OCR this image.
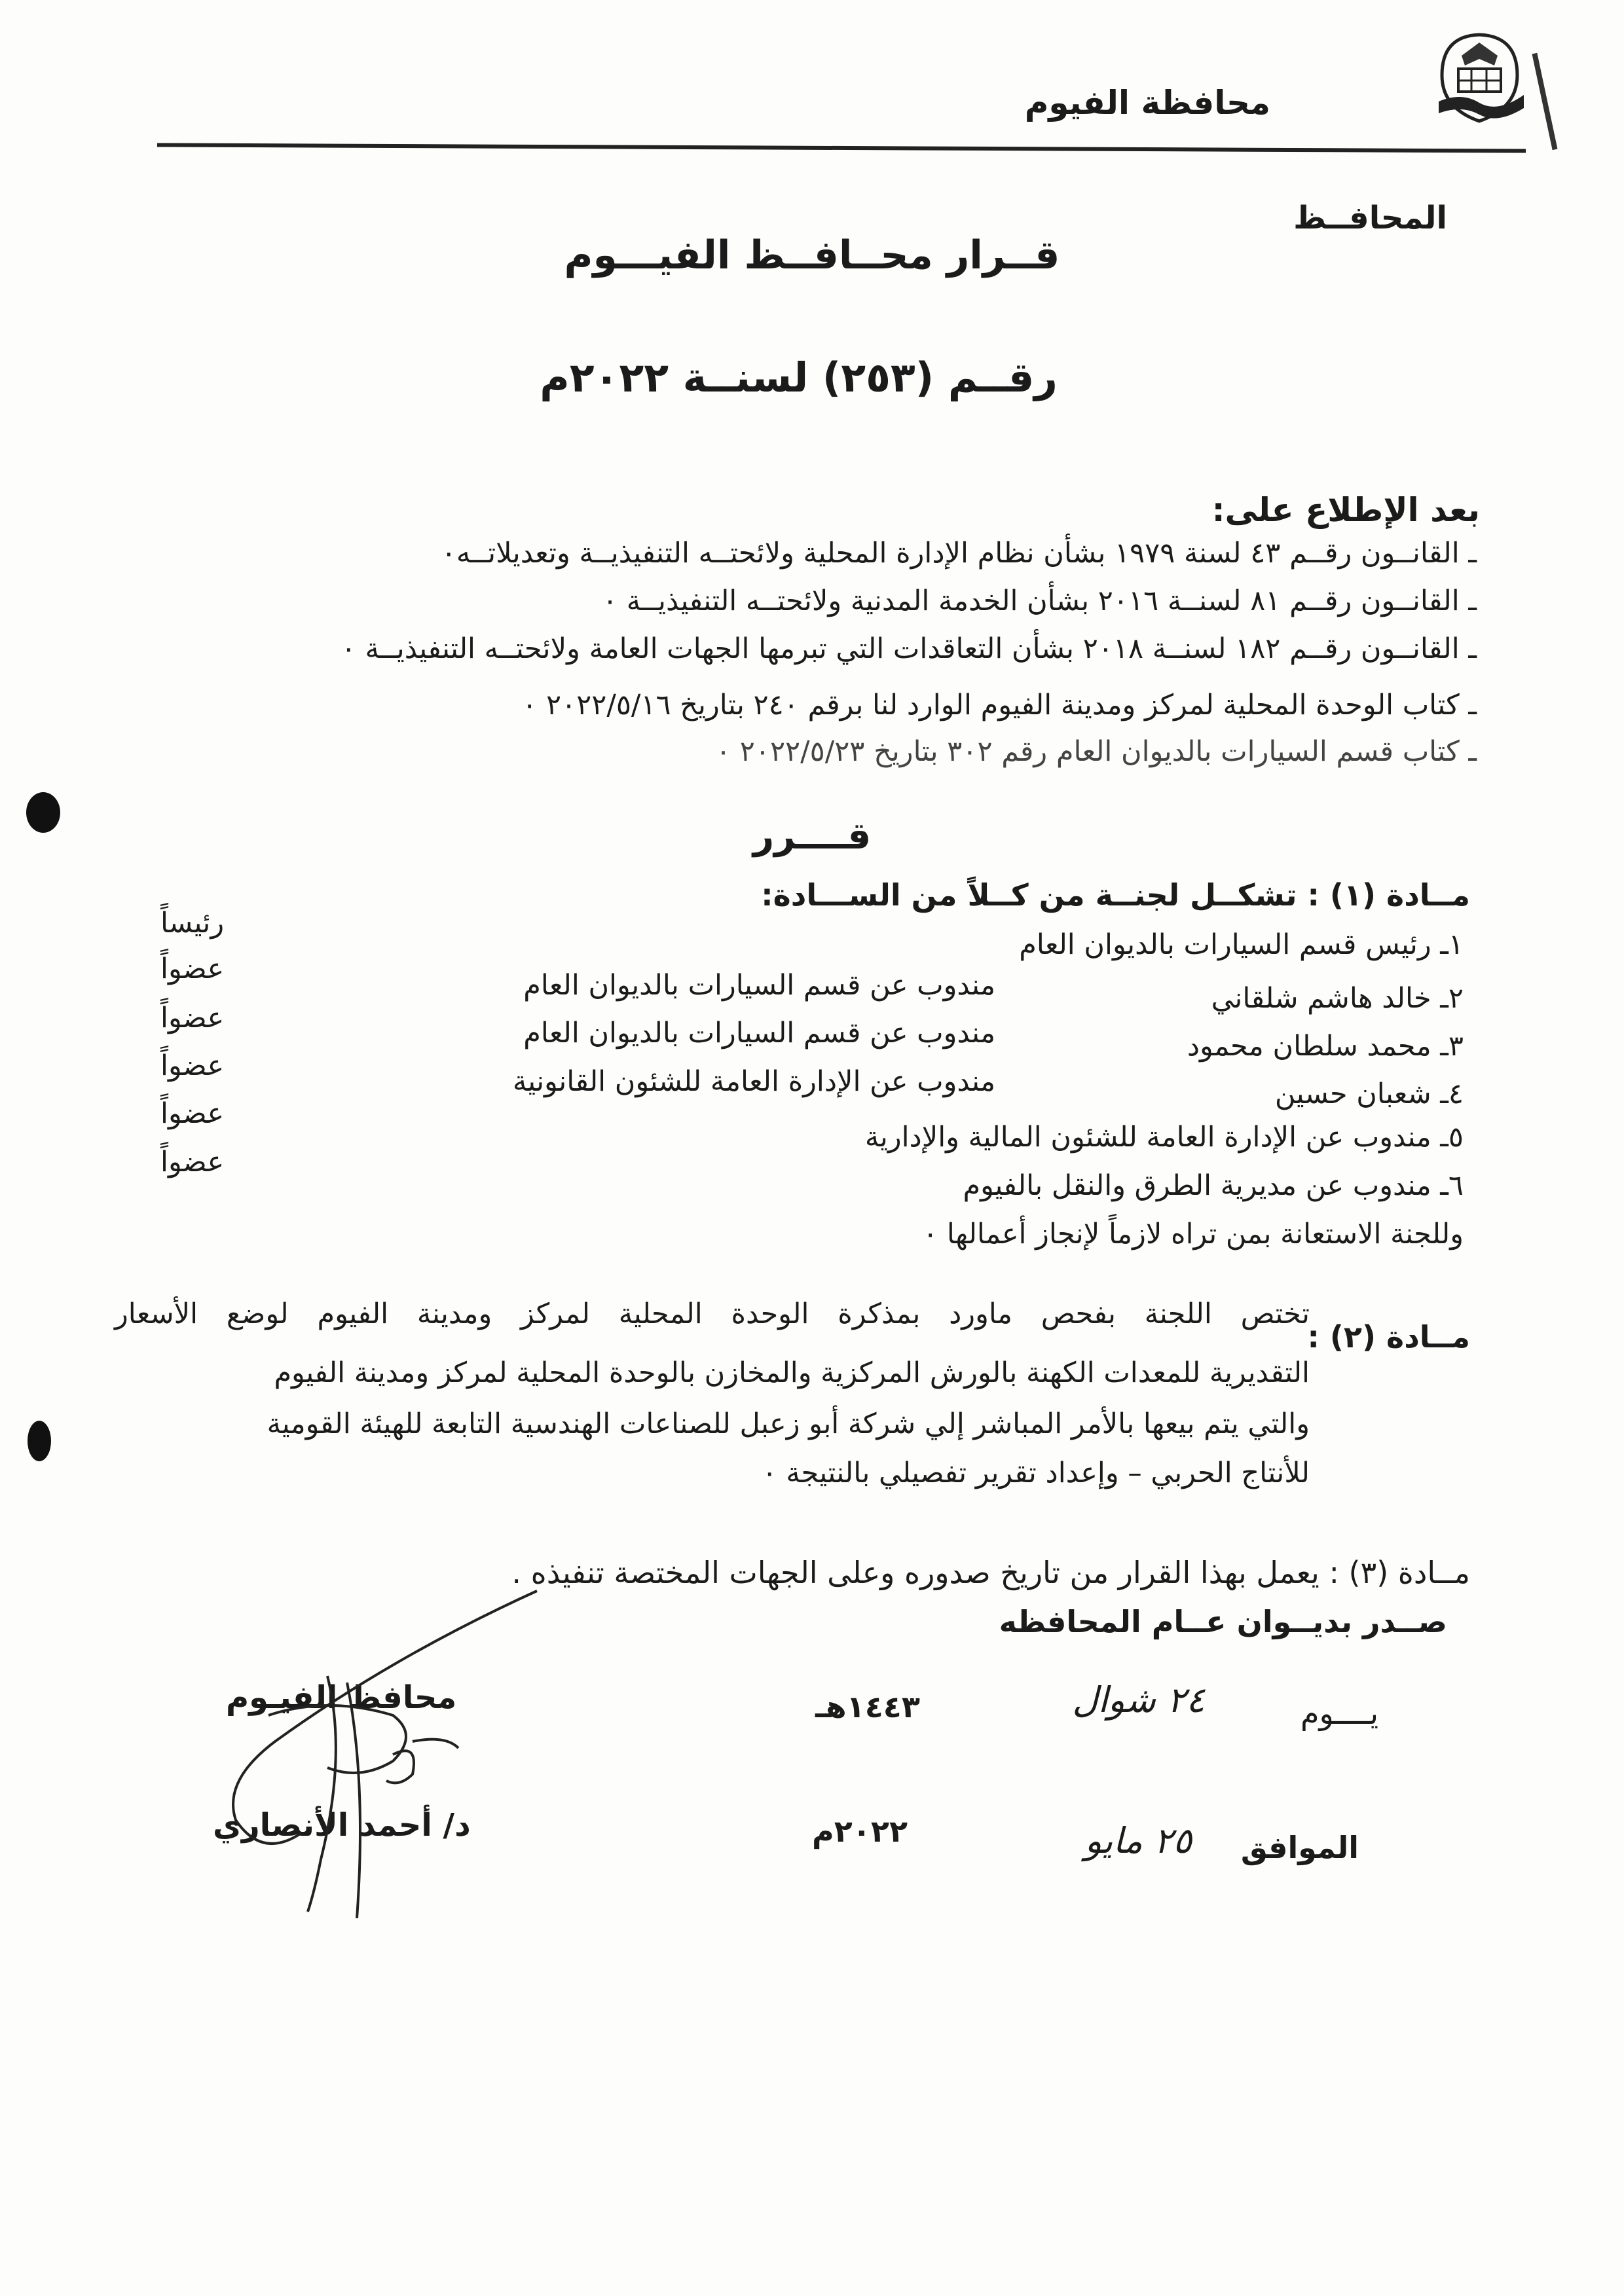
محافظة الفيوم
المحافــظ
قــرار محــافــظ الفيـــوم
رقــم (٢٥٣) لسنــة ٢٠٢٢م
بعد الإطلاع على:
ـ القانــون رقــم ٤٣ لسنة ١٩٧٩ بشأن نظام الإدارة المحلية ولائحتــه التنفيذيــة وتعديلاتــه٠
ـ القانــون رقــم ٨١ لسنــة ٢٠١٦ بشأن الخدمة المدنية ولائحتــه التنفيذيــة ٠
ـ القانــون رقــم ١٨٢ لسنــة ٢٠١٨ بشأن التعاقدات التي تبرمها الجهات العامة ولائحتــه التنفيذيــة ٠
ـ كتاب الوحدة المحلية لمركز ومدينة الفيوم الوارد لنا برقم ٢٤٠ بتاريخ ٢٠٢٢/٥/١٦ ٠
ـ كتاب قسم السيارات بالديوان العام رقم ٣٠٢ بتاريخ ٢٠٢٢/٥/٢٣ ٠
قــــرر
مــادة (١) : تشكــل لجنــة من كــلاً من الســـادة:
١ـ رئيس قسم السيارات بالديوان العام
٢ـ خالد هاشم شلقاني
٣ـ محمد سلطان محمود
٤ـ شعبان حسين
٥ـ مندوب عن الإدارة العامة للشئون المالية والإدارية
٦ـ مندوب عن مديرية الطرق والنقل بالفيوم
مندوب عن قسم السيارات بالديوان العام
مندوب عن قسم السيارات بالديوان العام
مندوب عن الإدارة العامة للشئون القانونية
رئيساً
عضواً
عضواً
عضواً
عضواً
عضواً
وللجنة الاستعانة بمن تراه لازماً لإنجاز أعمالها ٠
مــادة (٢) :
تختص اللجنة بفحص ماورد بمذكرة الوحدة المحلية لمركز ومدينة الفيوم لوضع الأسعار
التقديرية للمعدات الكهنة بالورش المركزية والمخازن بالوحدة المحلية لمركز ومدينة الفيوم
والتي يتم بيعها بالأمر المباشر إلي شركة أبو زعبل للصناعات الهندسية التابعة للهيئة القومية
للأنتاج الحربي – وإعداد تقرير تفصيلي بالنتيجة ٠
مــادة (٣) : يعمل بهذا القرار من تاريخ صدوره وعلى الجهات المختصة تنفيذه .
صــدر بديــوان عــام المحافظه
يــــوم
٢٤ شوال
١٤٤٣هـ
الموافق
٢٥ مايو
٢٠٢٢م
محافظ الفيـوم
د/ أحمد الأنصاري
